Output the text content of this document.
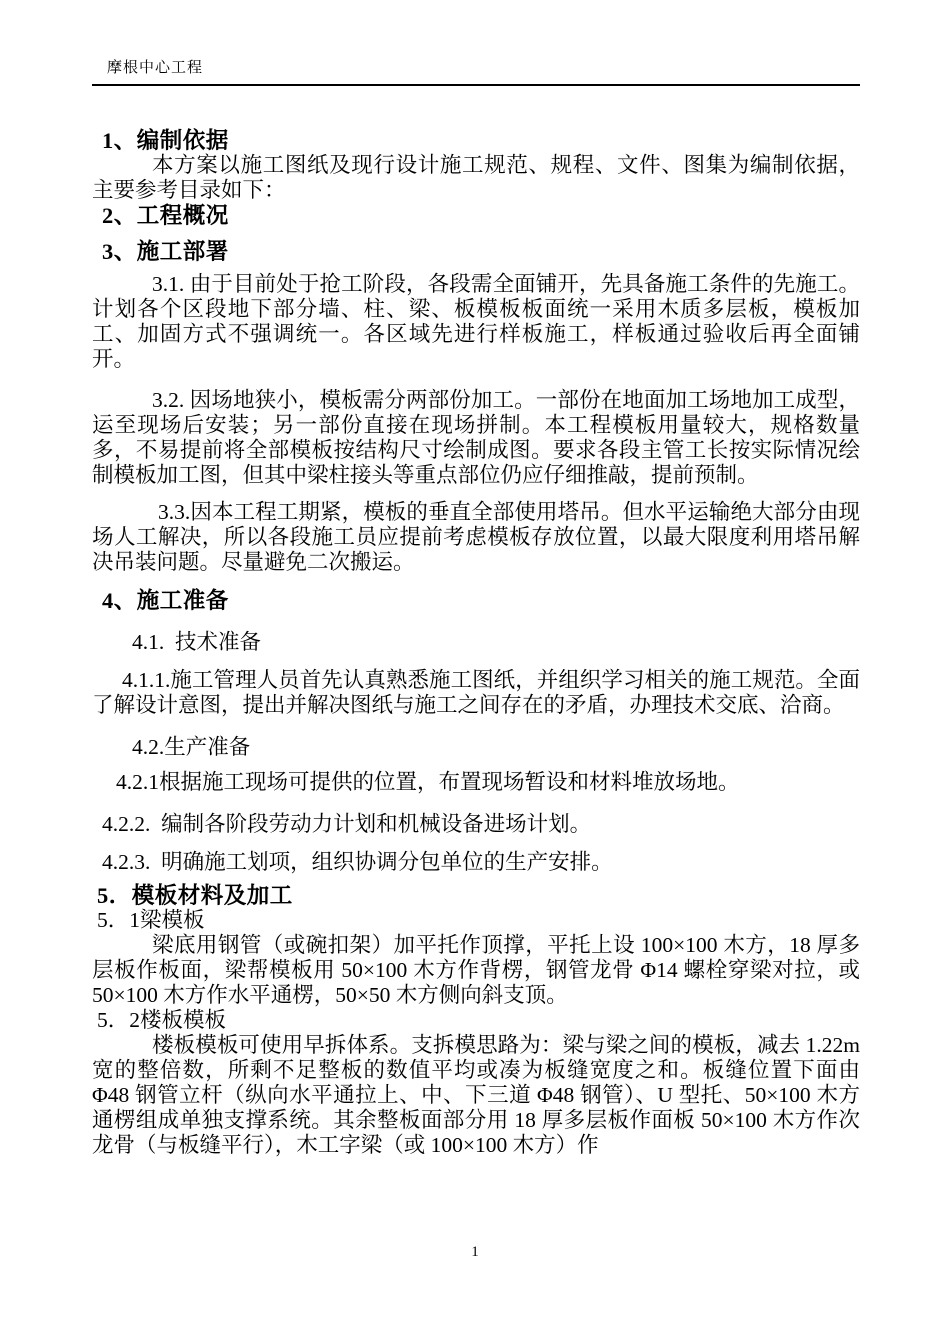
摩根中心工程
1、编制依据

本方案以施工图纸及现行设计施工规范、规程、文件、图集为编制依据，主要参考目录如下：

2、工程概况
3、施工部署

3.1. 由于目前处于抢工阶段，各段需全面铺开，先具备施工条件的先施工。计划各个区段地下部分墙、柱、梁、板模板板面统一采用木质多层板，模板加工、加固方式不强调统一。各区域先进行样板施工，样板通过验收后再全面铺开。

3.2. 因场地狭小，模板需分两部份加工。一部份在地面加工场地加工成型，运至现场后安装；另一部份直接在现场拼制。本工程模板用量较大，规格数量多，不易提前将全部模板按结构尺寸绘制成图。要求各段主管工长按实际情况绘制模板加工图，但其中梁柱接头等重点部位仍应仔细推敲，提前预制。

3.3.因本工程工期紧，模板的垂直全部使用塔吊。但水平运输绝大部分由现场人工解决，所以各段施工员应提前考虑模板存放位置，以最大限度利用塔吊解决吊装问题。尽量避免二次搬运。

4、施工准备

4.1.  技术准备

4.1.1.施工管理人员首先认真熟悉施工图纸，并组织学习相关的施工规范。全面了解设计意图，提出并解决图纸与施工之间存在的矛盾，办理技术交底、洽商。

4.2.生产准备

4.2.1根据施工现场可提供的位置，布置现场暂设和材料堆放场地。

4.2.2.  编制各阶段劳动力计划和机械设备进场计划。

4.2.3.  明确施工划项，组织协调分包单位的生产安排。

5．模板材料及加工

5．1梁模板

梁底用钢管（或碗扣架）加平托作顶撑，平托上设 100×100 木方，18 厚多层板作板面，梁帮模板用 50×100 木方作背楞，钢管龙骨 Φ14 螺栓穿梁对拉，或 50×100 木方作水平通楞，50×50 木方侧向斜支顶。

5．2楼板模板

楼板模板可使用早拆体系。支拆模思路为：梁与梁之间的模板，减去 1.22m 宽的整倍数，所剩不足整板的数值平均或凑为板缝宽度之和。板缝位置下面由 Φ48 钢管立杆（纵向水平通拉上、中、下三道 Φ48 钢管）、U 型托、50×100 木方通楞组成单独支撑系统。其余整板面部分用 18 厚多层板作面板 50×100 木方作次龙骨（与板缝平行），木工字梁（或 100×100 木方）作

1
